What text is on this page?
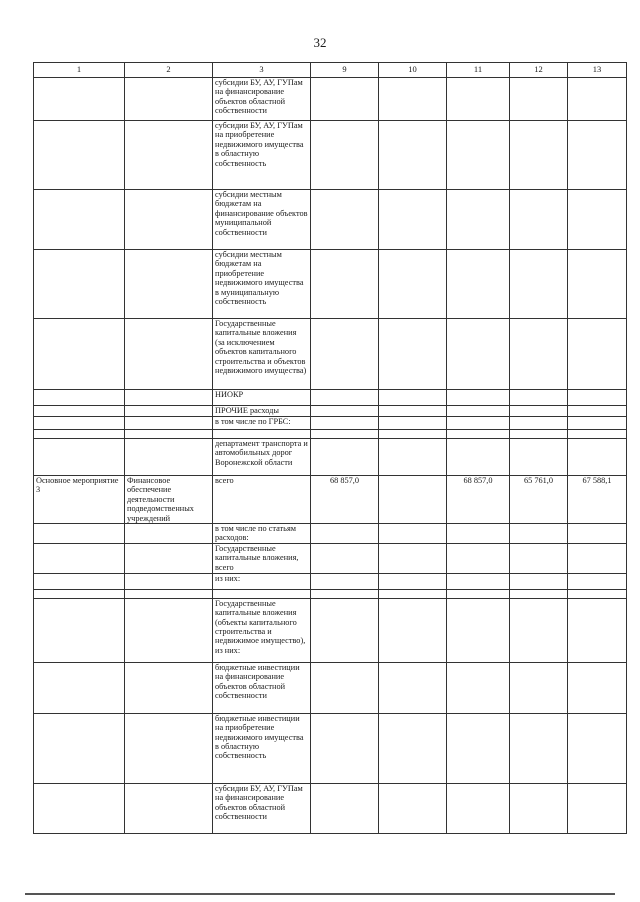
32
1	2	3	9	10	11	12	13
		субсидии БУ, АУ, ГУПам на финансирование объектов областной собственности					
		субсидии БУ, АУ, ГУПам на приобретение недвижимого имущества в областную собственность					
		субсидии местным бюджетам на финансирование объектов муниципальной собственности					
		субсидии местным бюджетам на приобретение недвижимого имущества в муниципальную собственность					
		Государственные капитальные вложения (за исключением объектов капитального строительства и объектов недвижимого имущества)					
		НИОКР					
		ПРОЧИЕ расходы					
		в том числе по ГРБС:					

		департамент транспорта и автомобильных дорог Воронежской области					
Основное мероприятие 3	Финансовое обеспечение деятельности подведомственных учреждений	всего	68 857,0		68 857,0	65 761,0	67 588,1
		в том числе по статьям расходов:					
		Государственные капитальные вложения, всего					
		из них:					

		Государственные капитальные вложения (объекты капитального строительства и недвижимое имущество), из них:					
		бюджетные инвестиции на финансирование объектов областной собственности					
		бюджетные инвестиции на приобретение недвижимого имущества в областную собственность					
		субсидии БУ, АУ, ГУПам на финансирование объектов областной собственности					
